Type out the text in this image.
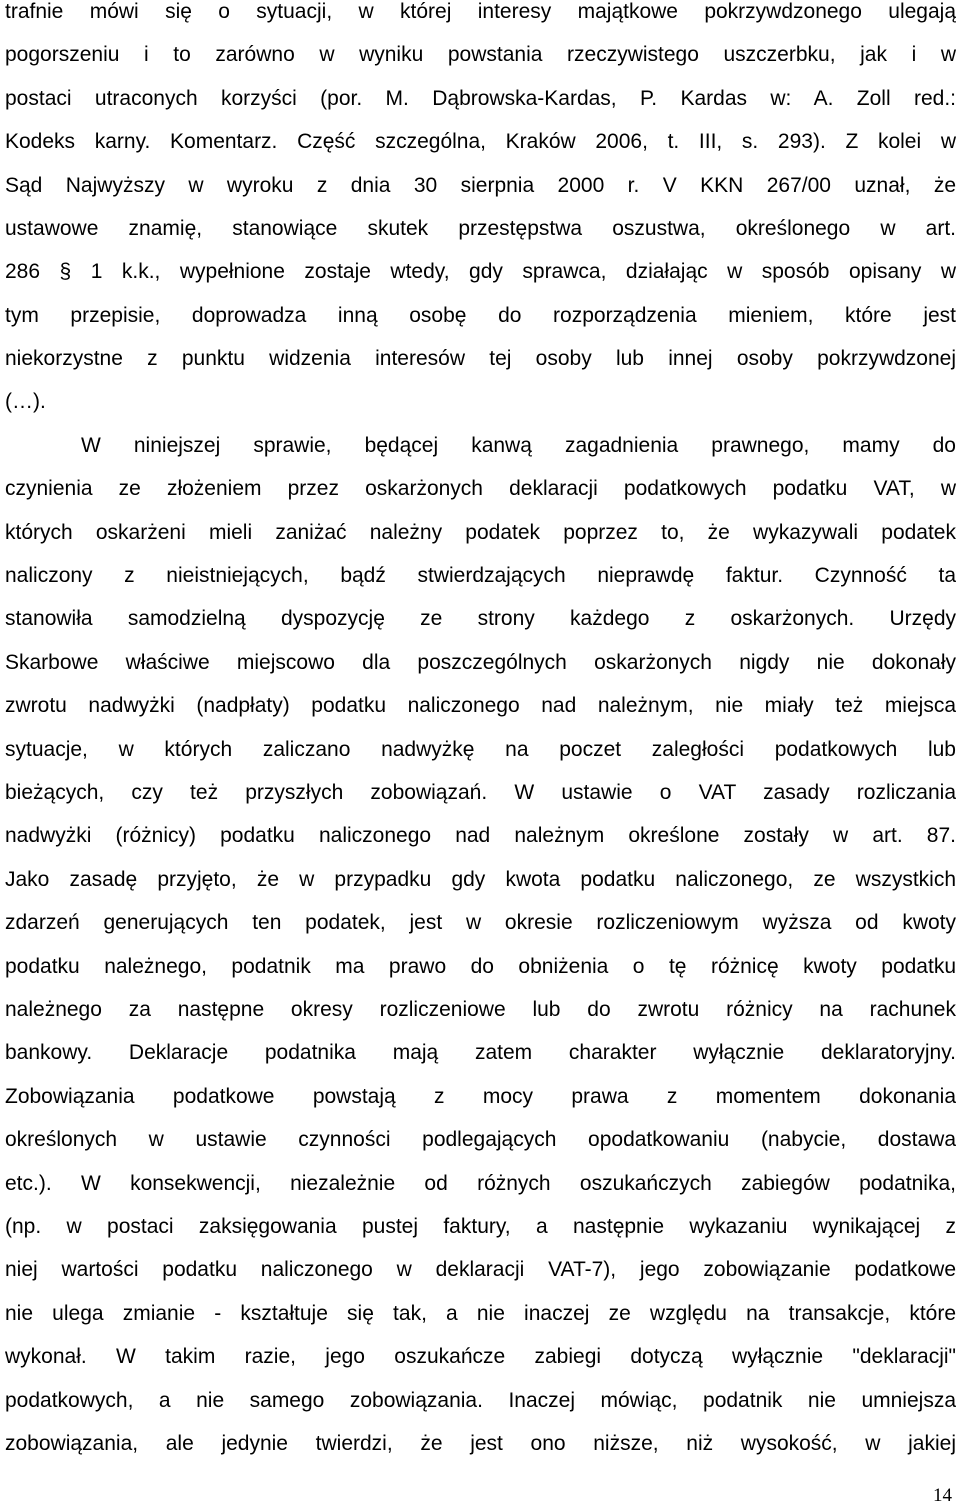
trafnie mówi się o sytuacji, w której interesy majątkowe pokrzywdzonego ulegają
pogorszeniu i to zarówno w wyniku powstania rzeczywistego uszczerbku, jak i w
postaci utraconych korzyści (por. M. Dąbrowska-Kardas, P. Kardas w: A. Zoll red.:
Kodeks karny. Komentarz. Część szczególna, Kraków 2006, t. III, s. 293). Z kolei w
Sąd Najwyższy w wyroku z dnia 30 sierpnia 2000 r. V KKN 267/00 uznał, że
ustawowe znamię, stanowiące skutek przestępstwa oszustwa, określonego w art.
286 § 1 k.k., wypełnione zostaje wtedy, gdy sprawca, działając w sposób opisany w
tym przepisie, doprowadza inną osobę do rozporządzenia mieniem, które jest
niekorzystne z punktu widzenia interesów tej osoby lub innej osoby pokrzywdzonej
(…).
W niniejszej sprawie, będącej kanwą zagadnienia prawnego, mamy do
czynienia ze złożeniem przez oskarżonych deklaracji podatkowych podatku VAT, w
których oskarżeni mieli zaniżać należny podatek poprzez to, że wykazywali podatek
naliczony z nieistniejących, bądź stwierdzających nieprawdę faktur. Czynność ta
stanowiła samodzielną dyspozycję ze strony każdego z oskarżonych. Urzędy
Skarbowe właściwe miejscowo dla poszczególnych oskarżonych nigdy nie dokonały
zwrotu nadwyżki (nadpłaty) podatku naliczonego nad należnym, nie miały też miejsca
sytuacje, w których zaliczano nadwyżkę na poczet zaległości podatkowych lub
bieżących, czy też przyszłych zobowiązań. W ustawie o VAT zasady rozliczania
nadwyżki (różnicy) podatku naliczonego nad należnym określone zostały w art. 87.
Jako zasadę przyjęto, że w przypadku gdy kwota podatku naliczonego, ze wszystkich
zdarzeń generujących ten podatek, jest w okresie rozliczeniowym wyższa od kwoty
podatku należnego, podatnik ma prawo do obniżenia o tę różnicę kwoty podatku
należnego za następne okresy rozliczeniowe lub do zwrotu różnicy na rachunek
bankowy. Deklaracje podatnika mają zatem charakter wyłącznie deklaratoryjny.
Zobowiązania podatkowe powstają z mocy prawa z momentem dokonania
określonych w ustawie czynności podlegających opodatkowaniu (nabycie, dostawa
etc.). W konsekwencji, niezależnie od różnych oszukańczych zabiegów podatnika,
(np. w postaci zaksięgowania pustej faktury, a następnie wykazaniu wynikającej z
niej wartości podatku naliczonego w deklaracji VAT-7), jego zobowiązanie podatkowe
nie ulega zmianie - kształtuje się tak, a nie inaczej ze względu na transakcje, które
wykonał. W takim razie, jego oszukańcze zabiegi dotyczą wyłącznie "deklaracji"
podatkowych, a nie samego zobowiązania. Inaczej mówiąc, podatnik nie umniejsza
zobowiązania, ale jedynie twierdzi, że jest ono niższe, niż wysokość, w jakiej
14
